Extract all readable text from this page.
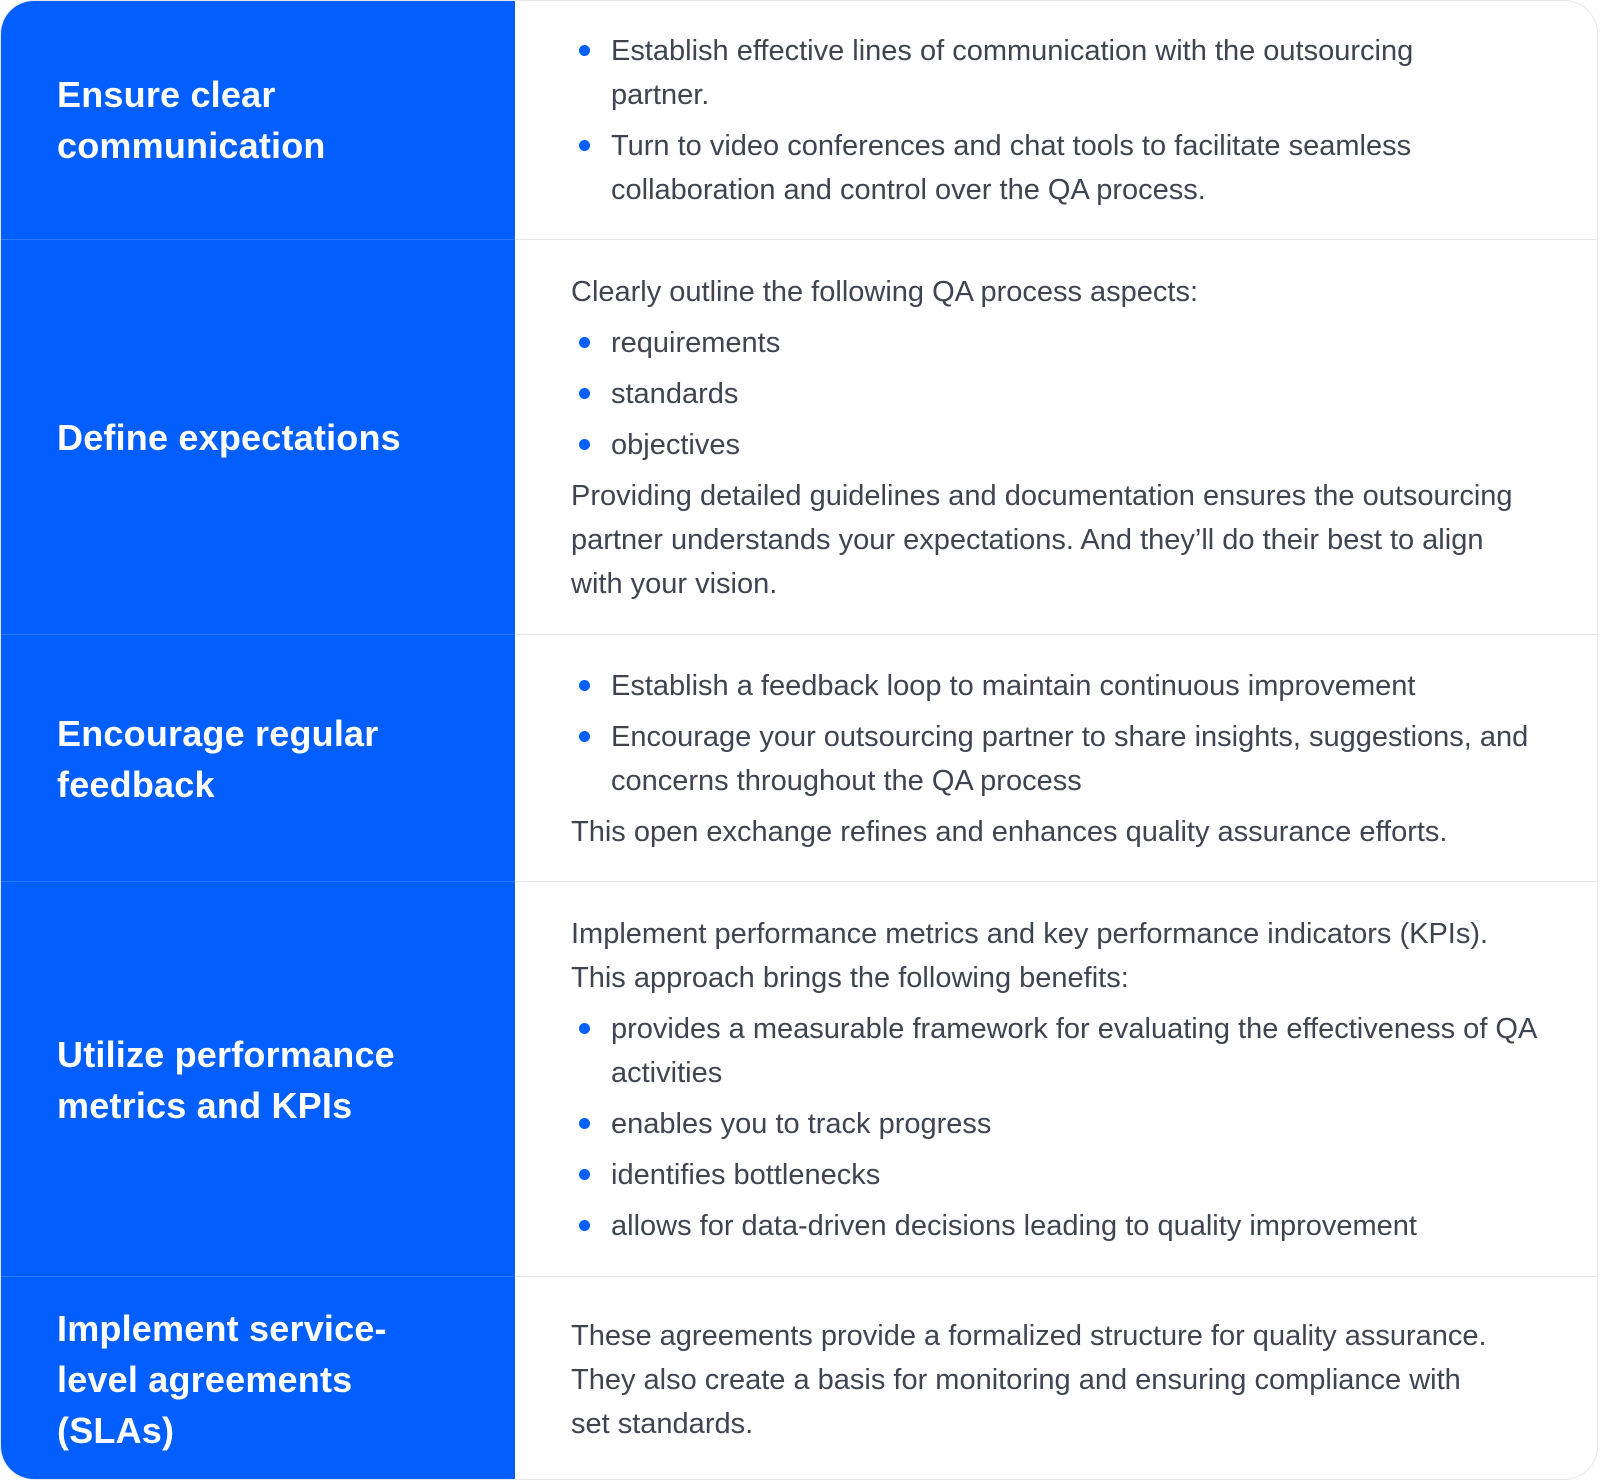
Ensure clear communication
Establish effective lines of communication with the outsourcing partner.
Turn to video conferences and chat tools to facilitate seamless collaboration and control over the QA process.
Define expectations

Clearly outline the following QA process aspects:

requirements
standards
objectives

Providing detailed guidelines and documentation ensures the outsourcing partner understands your expectations. And they’ll do their best to align with your vision.

Encourage regular feedback
Establish a feedback loop to maintain continuous improvement
Encourage your outsourcing partner to share insights, suggestions, and concerns throughout the QA process

This open exchange refines and enhances quality assurance efforts.

Utilize performance metrics and KPIs

Implement performance metrics and key performance indicators (KPIs). This approach brings the following benefits:

provides a measurable framework for evaluating the effectiveness of QA activities
enables you to track progress
identifies bottlenecks
allows for data-driven decisions leading to quality improvement
Implement service-level agreements (SLAs)

These agreements provide a formalized structure for quality assurance. They also create a basis for monitoring and ensuring compliance with set standards.
